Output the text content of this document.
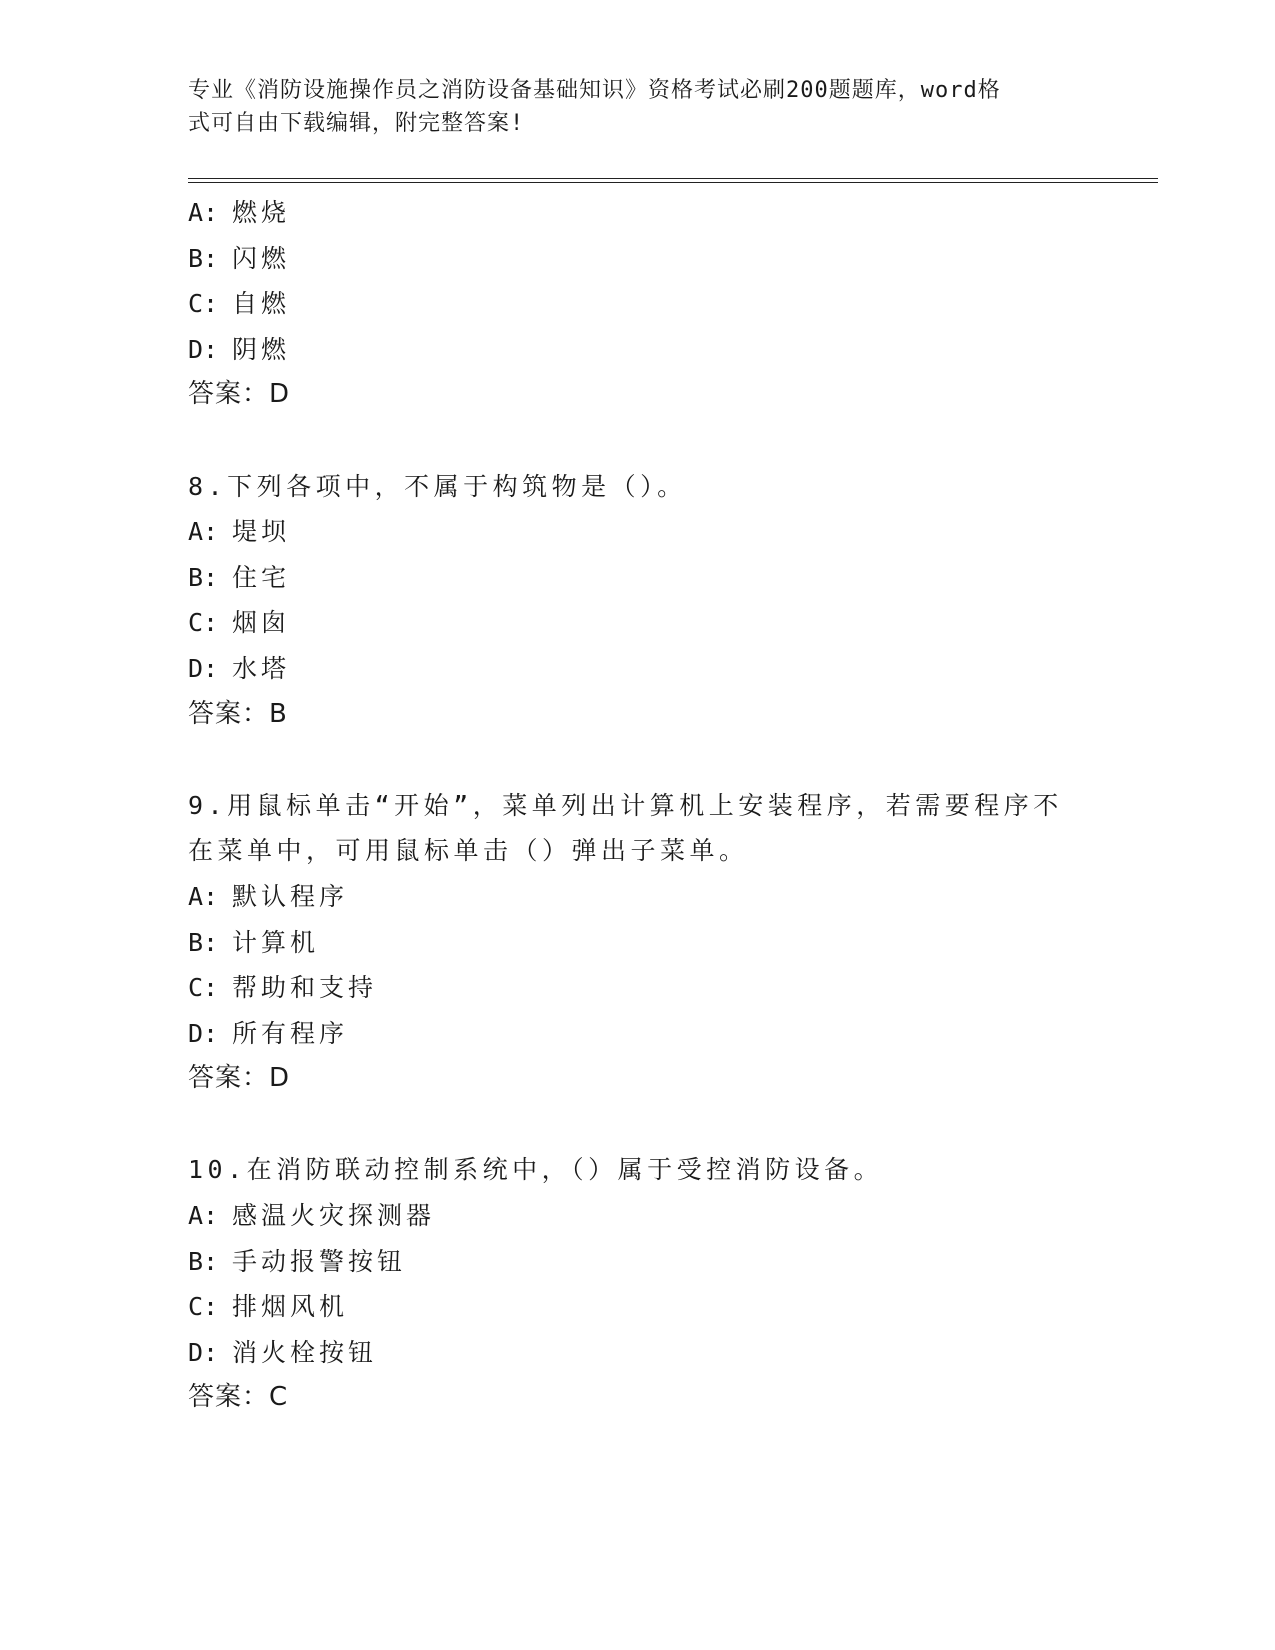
专业《消防设施操作员之消防设备基础知识》资格考试必刷200题题库，word格
式可自由下载编辑，附完整答案!
A: 燃烧
B: 闪燃
C: 自燃
D: 阴燃
答案：D
8.下列各项中，不属于构筑物是（）。
A: 堤坝
B: 住宅
C: 烟囱
D: 水塔
答案：B
9.用鼠标单击“开始”，菜单列出计算机上安装程序，若需要程序不
在菜单中，可用鼠标单击（）弹出子菜单。
A: 默认程序
B: 计算机
C: 帮助和支持
D: 所有程序
答案：D
10.在消防联动控制系统中，（）属于受控消防设备。
A: 感温火灾探测器
B: 手动报警按钮
C: 排烟风机
D: 消火栓按钮
答案：C
